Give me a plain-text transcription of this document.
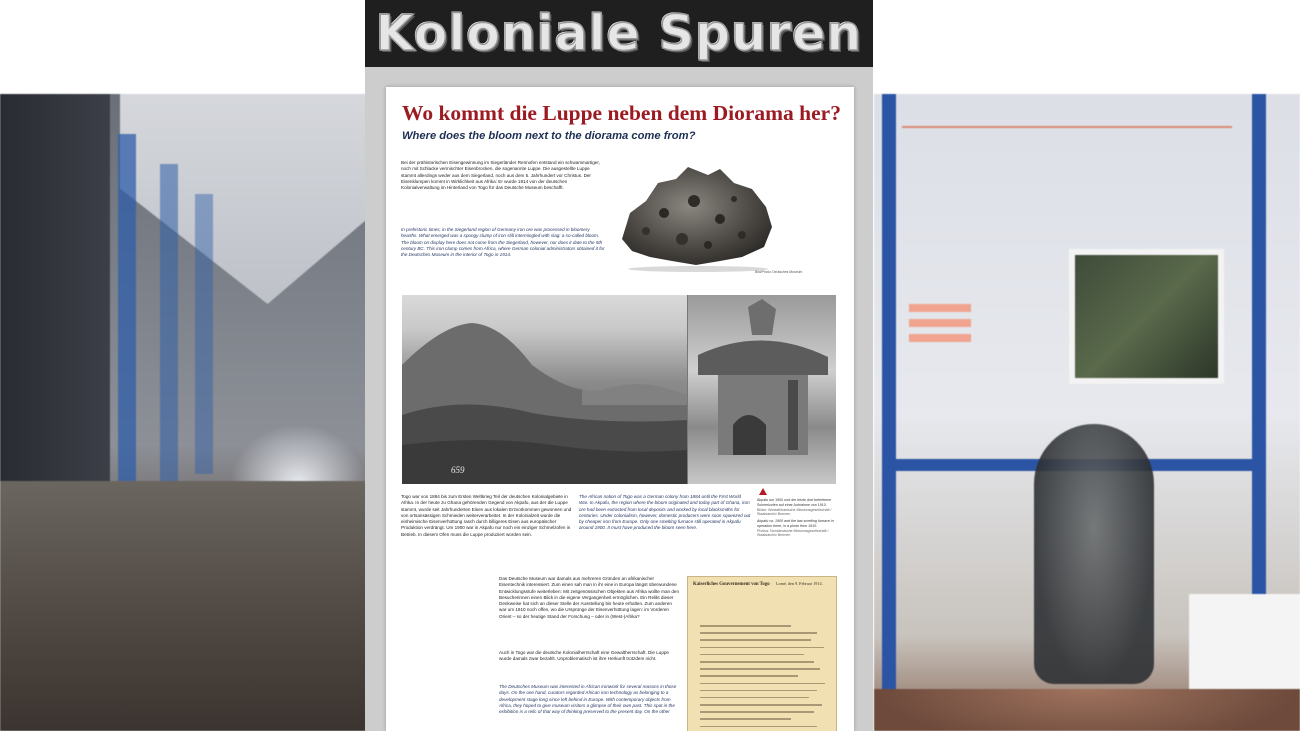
Koloniale Spuren
Wo kommt die Luppe neben dem Diorama her?
Where does the bloom next to the diorama come from?
Bei der prähistorischen Eisengewinnung im Siegerländer Rennofen entstand ein schwammartiger, noch mit Schlacke vermischter Eisenbrocken, die sogenannte Luppe. Die ausgestellte Luppe stammt allerdings weder aus dem Siegerland, noch aus dem 5. Jahrhundert vor Christus. Der Eisenklumpen kommt in Wirklichkeit aus Afrika: Er wurde 1914 von der deutschen Kolonialverwaltung im Hinterland von Togo für das Deutsche Museum beschafft.
In prehistoric times, in the Siegerland region of Germany iron ore was processed in bloomery hearths. What emerged was a spongy clump of iron still intermingled with slag: a so-called bloom. The bloom on display here does not come from the Siegerland, however, nor does it date to the 5th century BC. This iron clump comes from Africa, where German colonial administrators obtained it for the Deutsches Museum in the interior of Togo in 1914.
Bild/Photo: Deutsches Museum
659
Akpafu um 1900 und der letzte dort betriebene Schmelzofen auf einer Aufnahme von 1910.
Bilder: Westafrikanische Missionsgesellschaft / Staatsarchiv Bremen
Akpafu ca. 1900 and the last smelting furnace in operation there, in a photo from 1910.
Photos: Norddeutsche Missionsgesellschaft / Staatsarchiv Bremen
Togo war von 1884 bis zum Ersten Weltkrieg Teil der deutschen Kolonialgebiete in Afrika. In der heute zu Ghana gehörenden Gegend von Akpafu, aus der die Luppe stammt, wurde seit Jahrhunderten Eisen aus lokalen Erzvorkommen gewonnen und von ortsansässigen Schmieden weiterverarbeitet. In der Kolonialzeit wurde die einheimische Eisenverhüttung rasch durch billigeres Eisen aus europäischer Produktion verdrängt. Um 1900 war in Akpafu nur noch ein einziger Schmelzofen in Betrieb. In diesem Ofen muss die Luppe produziert worden sein.
The African nation of Togo was a German colony from 1884 until the First World War. In Akpafu, the region where the bloom originated and today part of Ghana, iron ore had been extracted from local deposits and worked by local blacksmiths for centuries. Under colonialism, however, domestic producers were soon squeezed out by cheaper iron from Europe. Only one smelting furnace still operated in Akpafu around 1900. It must have produced the bloom seen here.
Das Deutsche Museum war damals aus mehreren Gründen an afrikanischer Eisentechnik interessiert. Zum einen sah man in ihr eine in Europa längst überwundene Entwicklungsstufe weiterleben: Mit zeitgenössischen Objekten aus Afrika wollte man den Besucherinnen einen Blick in die eigene Vergangenheit ermöglichen. Ein Relikt dieser Denkweise hat sich an dieser Stelle der Ausstellung bis heute erhalten. Zum anderen war um 1910 noch offen, wo die Ursprünge der Eisenverhüttung lagen: im Vorderen Orient – so der heutige Stand der Forschung – oder in (West-)Afrika?
Auch in Togo war die deutsche Kolonialherrschaft eine Gewaltherrschaft. Die Luppe wurde damals zwar bezahlt. Unproblematisch ist ihre Herkunft trotzdem nicht.
The Deutsches Museum was interested in African ironwork for several reasons in those days. On the one hand, curators regarded African iron technology as belonging to a development stage long since left behind in Europe. With contemporary objects from Africa, they hoped to give museum visitors a glimpse of their own past. This spot in the exhibition is a relic of that way of thinking preserved to the present day. On the other
Kaiserliches Gouvernement von Togo Lomé, den 9. Februar 1914.
